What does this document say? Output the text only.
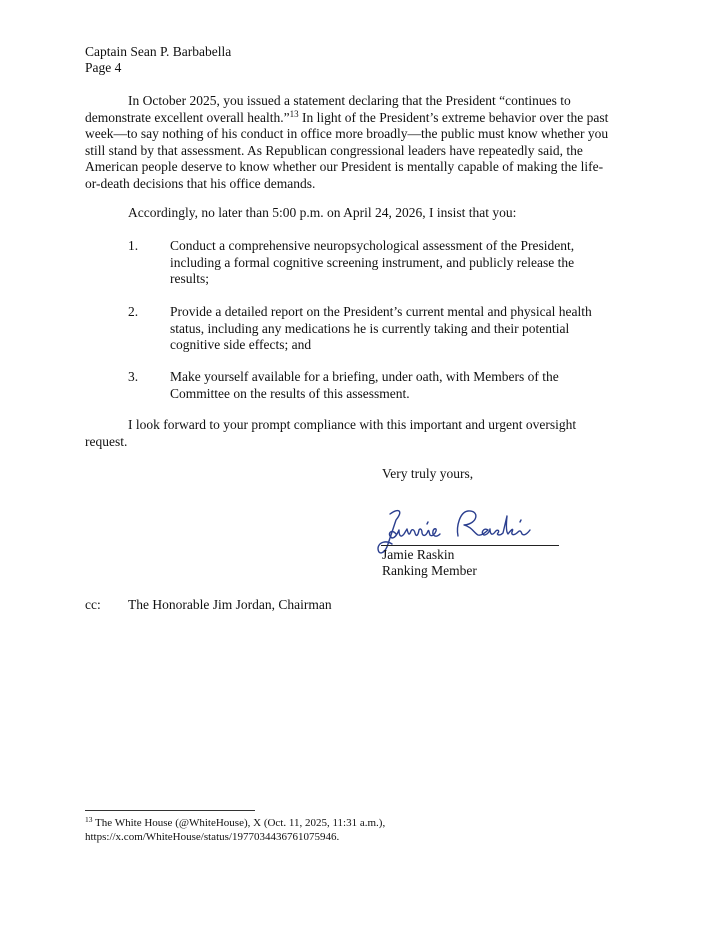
Captain Sean P. Barbabella

Page 4

In October 2025, you issued a statement declaring that the President “continues to
demonstrate excellent overall health.”$^{13}$ In light of the President’s extreme behavior over the past
week—to say nothing of his conduct in office more broadly—the public must know whether you
still stand by that assessment. As Republican congressional leaders have repeatedly said, the
American people deserve to know whether our President is mentally capable of making the life-
or-death decisions that his office demands.

Accordingly, no later than 5:00 p.m. on April 24, 2026, I insist that you:

1. Conduct a comprehensive neuropsychological assessment of the President,
including a formal cognitive screening instrument, and publicly release the
results;
2. Provide a detailed report on the President’s current mental and physical health
status, including any medications he is currently taking and their potential
cognitive side effects; and
3. Make yourself available for a briefing, under oath, with Members of the
Committee on the results of this assessment.
I look forward to your prompt compliance with this important and urgent oversight
request.

Very truly yours,

Jamie Raskin

Ranking Member

cc: The Honorable Jim Jordan, Chairman

$^{13}$ The White House (@WhiteHouse), X (Oct. 11, 2025, 11:31 a.m.),
https://x.com/WhiteHouse/status/1977034436761075946.
